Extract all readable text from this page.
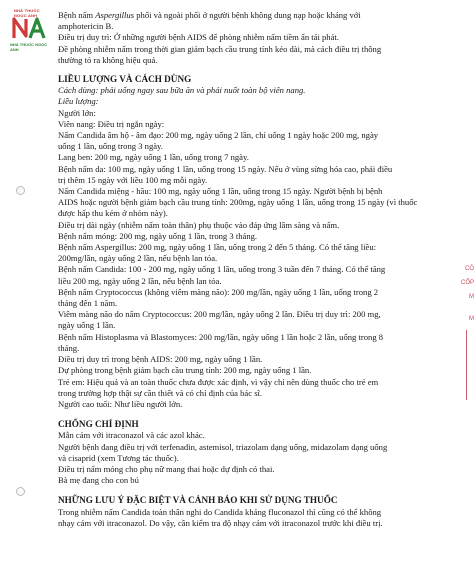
NHÀ THUỐC NGỌC ANH
NHÀ THUỐC NGỌC ANH
CÔ
CỔP
M
M

Bệnh nấm Aspergillus phổi và ngoài phổi ở người bệnh không dung nạp hoặc kháng với

amphotericin B.

Điều trị duy trì: Ở những người bệnh AIDS để phòng nhiễm nấm tiềm ẩn tái phát.

Đề phòng nhiễm nấm trong thời gian giảm bạch cầu trung tính kéo dài, mà cách điều trị thông

thường tỏ ra không hiệu quả.

LIỀU LƯỢNG VÀ CÁCH DÙNG

Cách dùng: phải uống ngay sau bữa ăn và phải nuốt toàn bộ viên nang.

Liều lượng:

Người lớn:

Viên nang: Điều trị ngắn ngày:

Nấm Candida âm hộ - âm đạo: 200 mg, ngày uống 2 lần, chỉ uống 1 ngày hoặc 200 mg, ngày

uống 1 lần, uống trong 3 ngày.

Lang ben: 200 mg, ngày uống 1 lần, uống trong 7 ngày.

Bệnh nấm da: 100 mg, ngày uống 1 lần, uống trong 15 ngày. Nếu ở vùng sừng hóa cao, phải điều

trị thêm 15 ngày với liều 100 mg mỗi ngày.

Nấm Candida miệng - hầu: 100 mg, ngày uống 1 lần, uống trong 15 ngày. Người bệnh bị bệnh

AIDS hoặc người bệnh giảm bạch cầu trung tính: 200mg, ngày uống 1 lần, uống trong 15 ngày (vì thuốc

được hấp thu kém ở nhóm này).

Điều trị dài ngày (nhiễm nấm toàn thân) phụ thuộc vào đáp ứng lâm sàng và nấm.

Bệnh nấm móng: 200 mg, ngày uống 1 lần, trong 3 tháng.

Bệnh nấm Aspergillus: 200 mg, ngày uống 1 lần, uống trong 2 đến 5 tháng. Có thể tăng liều:

200mg/lần, ngày uống 2 lần, nếu bệnh lan tỏa.

Bệnh nấm Candida: 100 - 200 mg, ngày uống 1 lần, uống trong 3 tuần đến 7 tháng. Có thể tăng

liều 200 mg, ngày uống 2 lần, nếu bệnh lan tỏa.

Bệnh nấm Cryptococcus (không viêm màng não): 200 mg/lần, ngày uống 1 lần, uống trong 2

tháng đến 1 năm.

Viêm màng não do nấm Cryptococcus: 200 mg/lần, ngày uống 2 lần. Điều trị duy trì: 200 mg,

ngày uống 1 lần.

Bệnh nấm Histoplasma và Blastomyces: 200 mg/lần, ngày uống 1 lần hoặc 2 lần, uống trong 8

tháng.

Điều trị duy trì trong bệnh AIDS: 200 mg, ngày uống 1 lần.

Dự phòng trong bệnh giảm bạch cầu trung tính: 200 mg, ngày uống 1 lần.

Trẻ em: Hiệu quả và an toàn thuốc chưa được xác định, vì vậy chỉ nên dùng thuốc cho trẻ em

trong trường hợp thật sự cần thiết và có chỉ định của bác sĩ.

Người cao tuổi: Như liều người lớn.

CHỐNG CHỈ ĐỊNH

Mẫn cảm với itraconazol và các azol khác.

Người bệnh đang điều trị với terfenadin, astemisol, triazolam dạng uống, midazolam dạng uống

và cisaprid (xem Tương tác thuốc).

Điều trị nấm móng cho phụ nữ mang thai hoặc dự định có thai.

Bà mẹ đang cho con bú

NHỮNG LƯU Ý ĐẶC BIỆT VÀ CẢNH BÁO KHI SỬ DỤNG THUỐC

Trong nhiễm nấm Candida toàn thân nghi do Candida kháng fluconazol thì cũng có thể không

nhạy cảm với itraconazol. Do vậy, cần kiểm tra độ nhạy cảm với itraconazol trước khi điều trị.
